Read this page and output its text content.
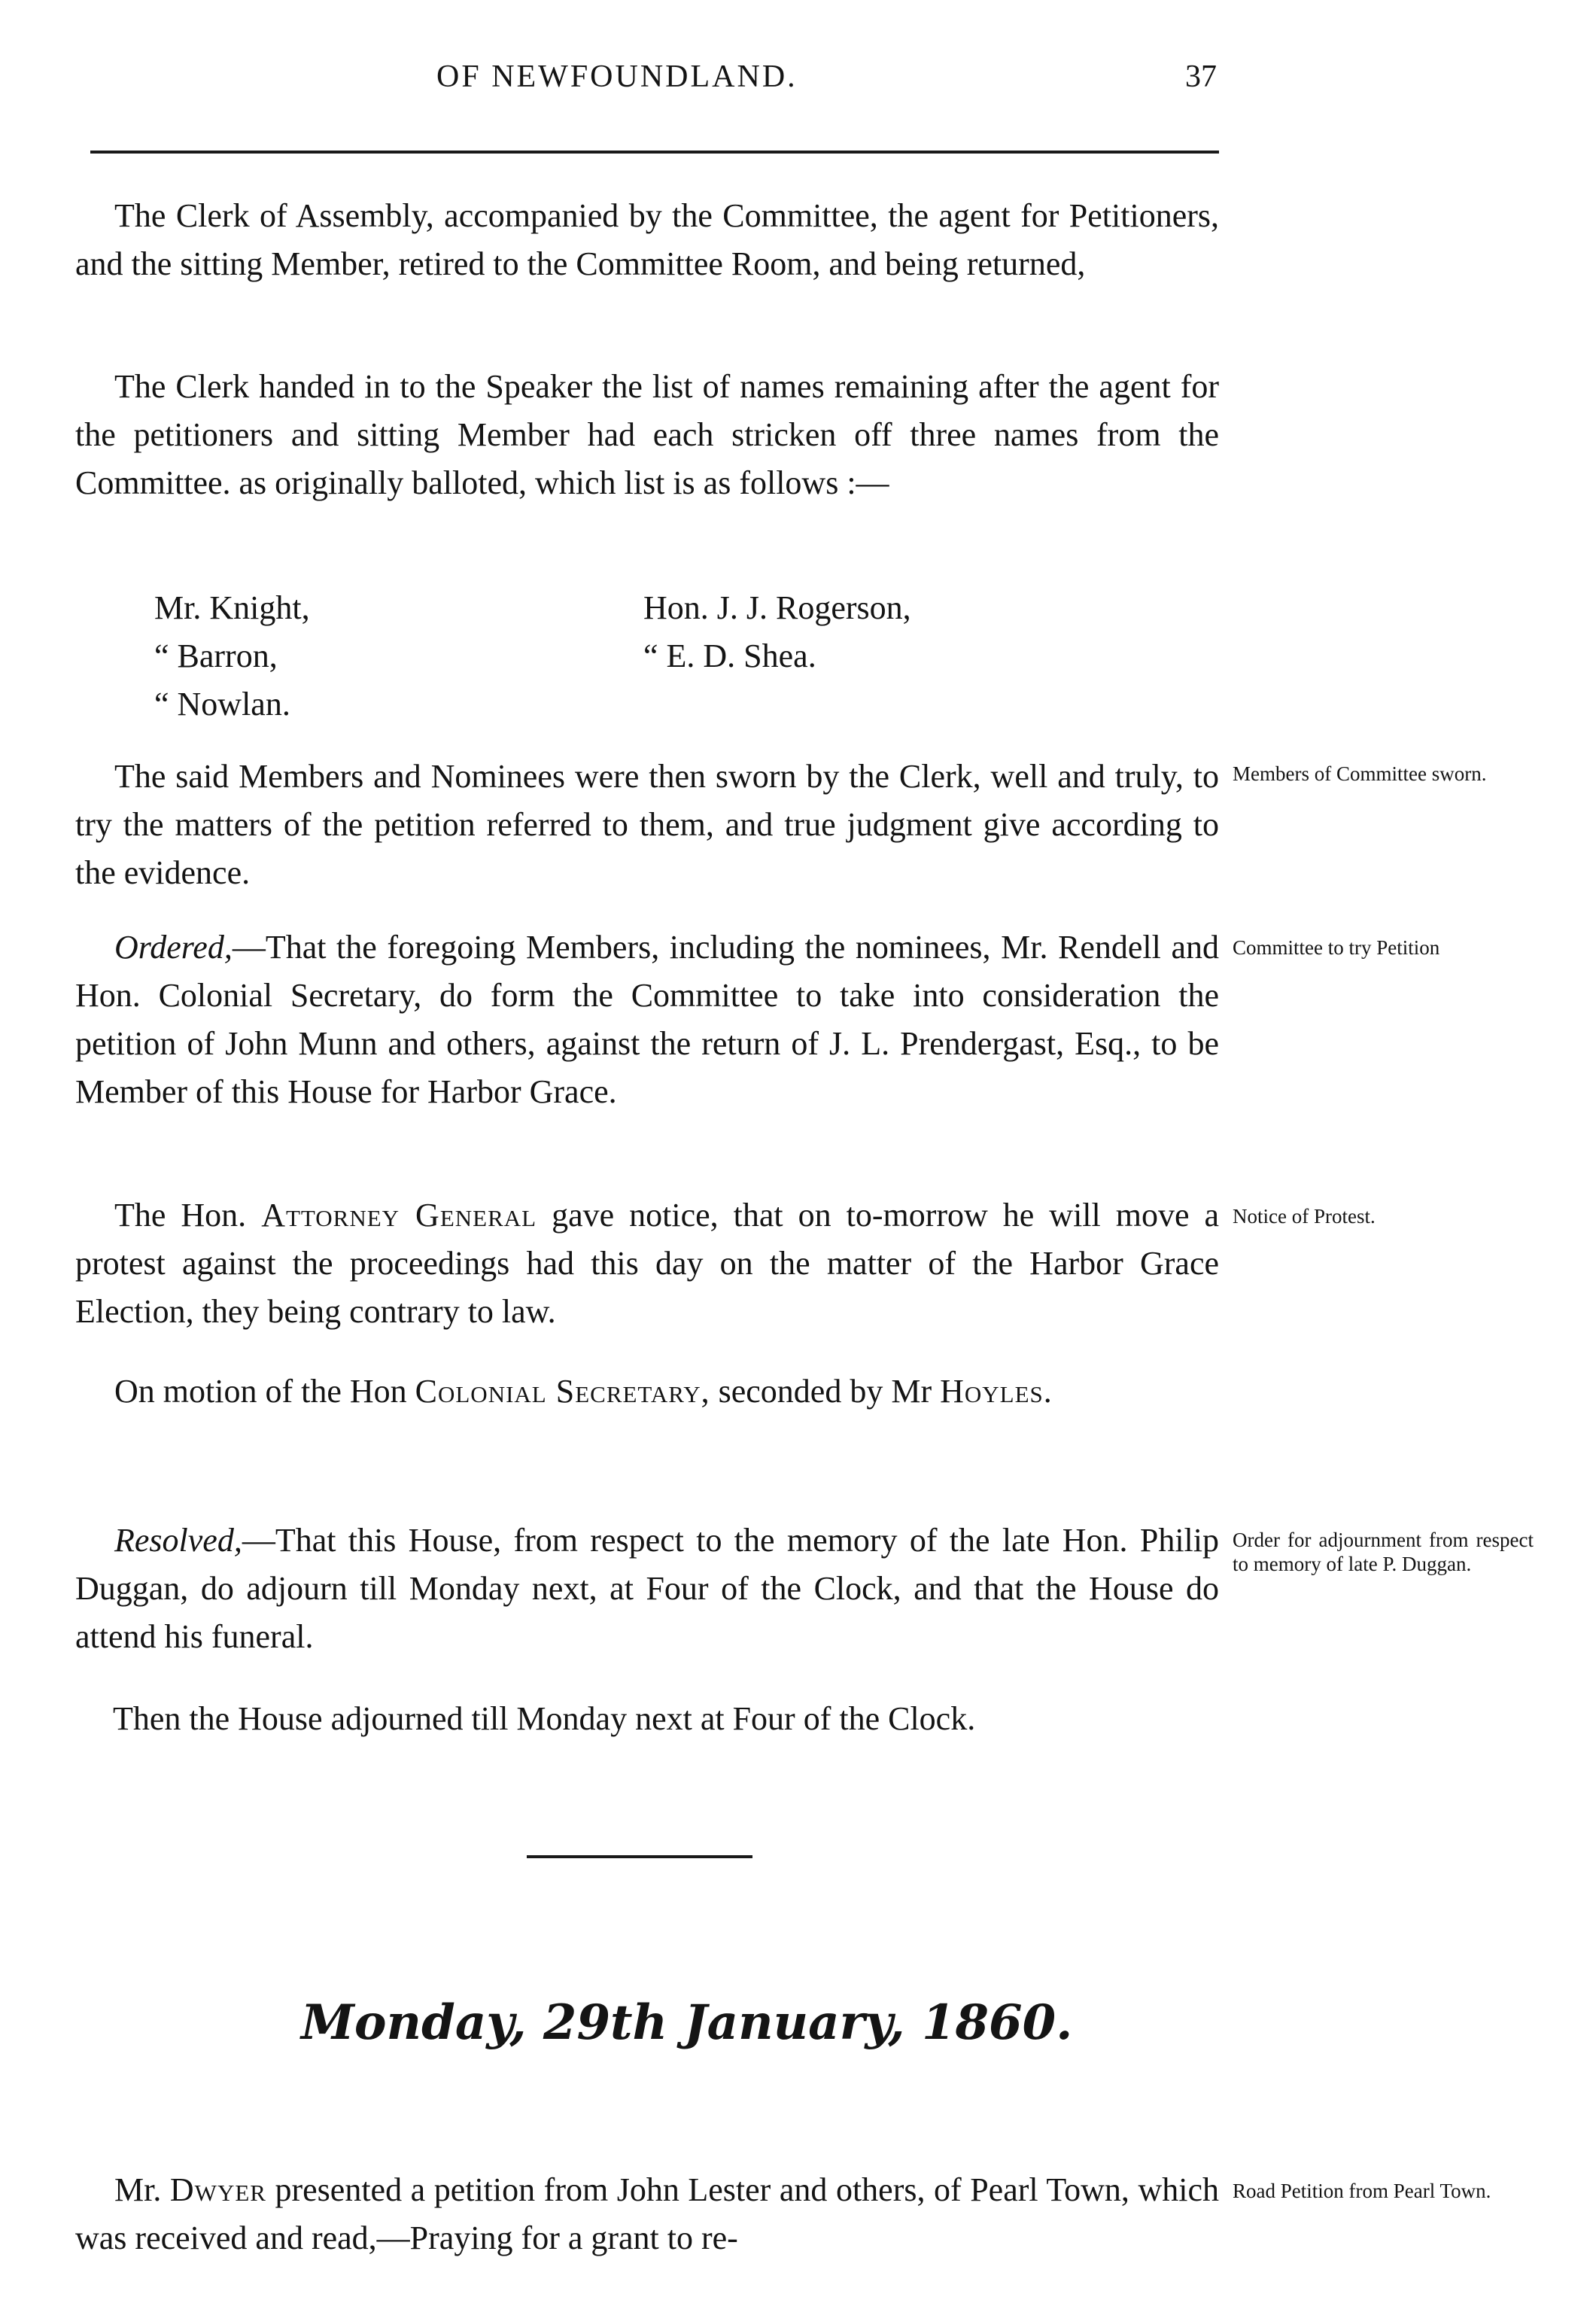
OF NEWFOUNDLAND.	37

The Clerk of Assembly, accompanied by the Committee, the agent for Petitioners, and the sitting Member, retired to the Committee Room, and being returned,

The Clerk handed in to the Speaker the list of names remaining after the agent for the petitioners and sitting Member had each stricken off three names from the Committee. as originally balloted, which list is as follows :—

Mr. Knight,
“ Barron,
“ Nowlan.
Hon. J. J. Rogerson,
“ E. D. Shea.

The said Members and Nominees were then sworn by the Clerk, well and truly, to try the matters of the petition referred to them, and true judgment give according to the evidence.

Members of Committee sworn.

Ordered,—That the foregoing Members, including the nominees, Mr. Rendell and Hon. Colonial Secretary, do form the Committee to take into consideration the petition of John Munn and others, against the return of J. L. Prendergast, Esq., to be Member of this House for Harbor Grace.

Committee to try Petition

The Hon. Attorney General gave notice, that on to-morrow he will move a protest against the proceedings had this day on the matter of the Harbor Grace Election, they being contrary to law.

Notice of Protest.

On motion of the Hon Colonial Secretary, seconded by Mr Hoyles.

Resolved,—That this House, from respect to the memory of the late Hon. Philip Duggan, do adjourn till Monday next, at Four of the Clock, and that the House do attend his funeral.

Order for adjournment from respect to memory of late P. Duggan.
Then the House adjourned till Monday next at Four of the Clock.
Monday, 29th January, 1860.

Mr. Dwyer presented a petition from John Lester and others, of Pearl Town, which was received and read,—Praying for a grant to re-

Road Petition from Pearl Town.
